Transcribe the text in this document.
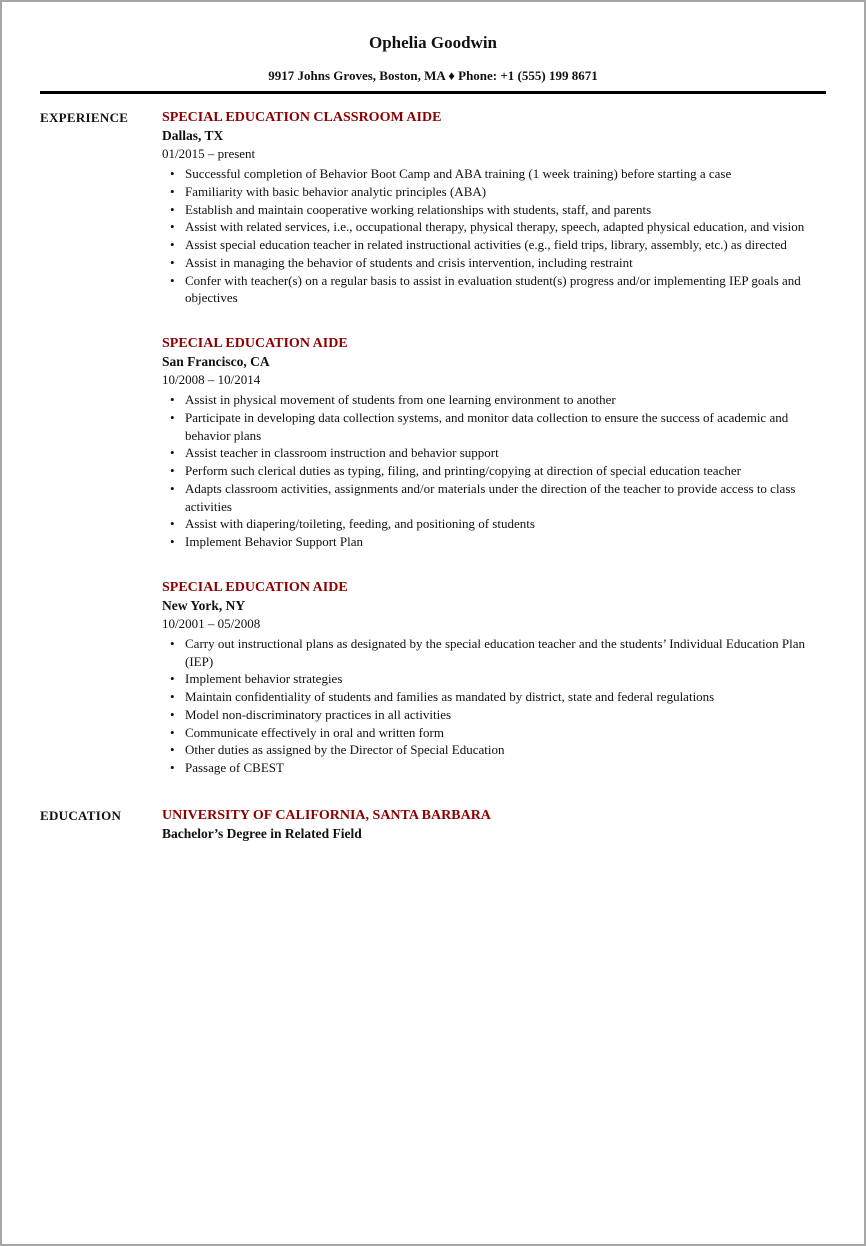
Ophelia Goodwin
9917 Johns Groves, Boston, MA ♦ Phone: +1 (555) 199 8671
EXPERIENCE	SPECIAL EDUCATION CLASSROOM AIDE
Dallas, TX
01/2015 – present
• Successful completion of Behavior Boot Camp and ABA training (1 week training) before starting a case
• Familiarity with basic behavior analytic principles (ABA)
• Establish and maintain cooperative working relationships with students, staff, and parents
• Assist with related services, i.e., occupational therapy, physical therapy, speech, adapted physical education, and vision
• Assist special education teacher in related instructional activities (e.g., field trips, library, assembly, etc.) as directed
• Assist in managing the behavior of students and crisis intervention, including restraint
• Confer with teacher(s) on a regular basis to assist in evaluation student(s) progress and/or implementing IEP goals and objectives
SPECIAL EDUCATION AIDE
San Francisco, CA
10/2008 – 10/2014
• Assist in physical movement of students from one learning environment to another
• Participate in developing data collection systems, and monitor data collection to ensure the success of academic and behavior plans
• Assist teacher in classroom instruction and behavior support
• Perform such clerical duties as typing, filing, and printing/copying at direction of special education teacher
• Adapts classroom activities, assignments and/or materials under the direction of the teacher to provide access to class activities
• Assist with diapering/toileting, feeding, and positioning of students
• Implement Behavior Support Plan
SPECIAL EDUCATION AIDE
New York, NY
10/2001 – 05/2008
• Carry out instructional plans as designated by the special education teacher and the students’ Individual Education Plan (IEP)
• Implement behavior strategies
• Maintain confidentiality of students and families as mandated by district, state and federal regulations
• Model non-discriminatory practices in all activities
• Communicate effectively in oral and written form
• Other duties as assigned by the Director of Special Education
• Passage of CBEST
EDUCATION	UNIVERSITY OF CALIFORNIA, SANTA BARBARA
Bachelor’s Degree in Related Field
